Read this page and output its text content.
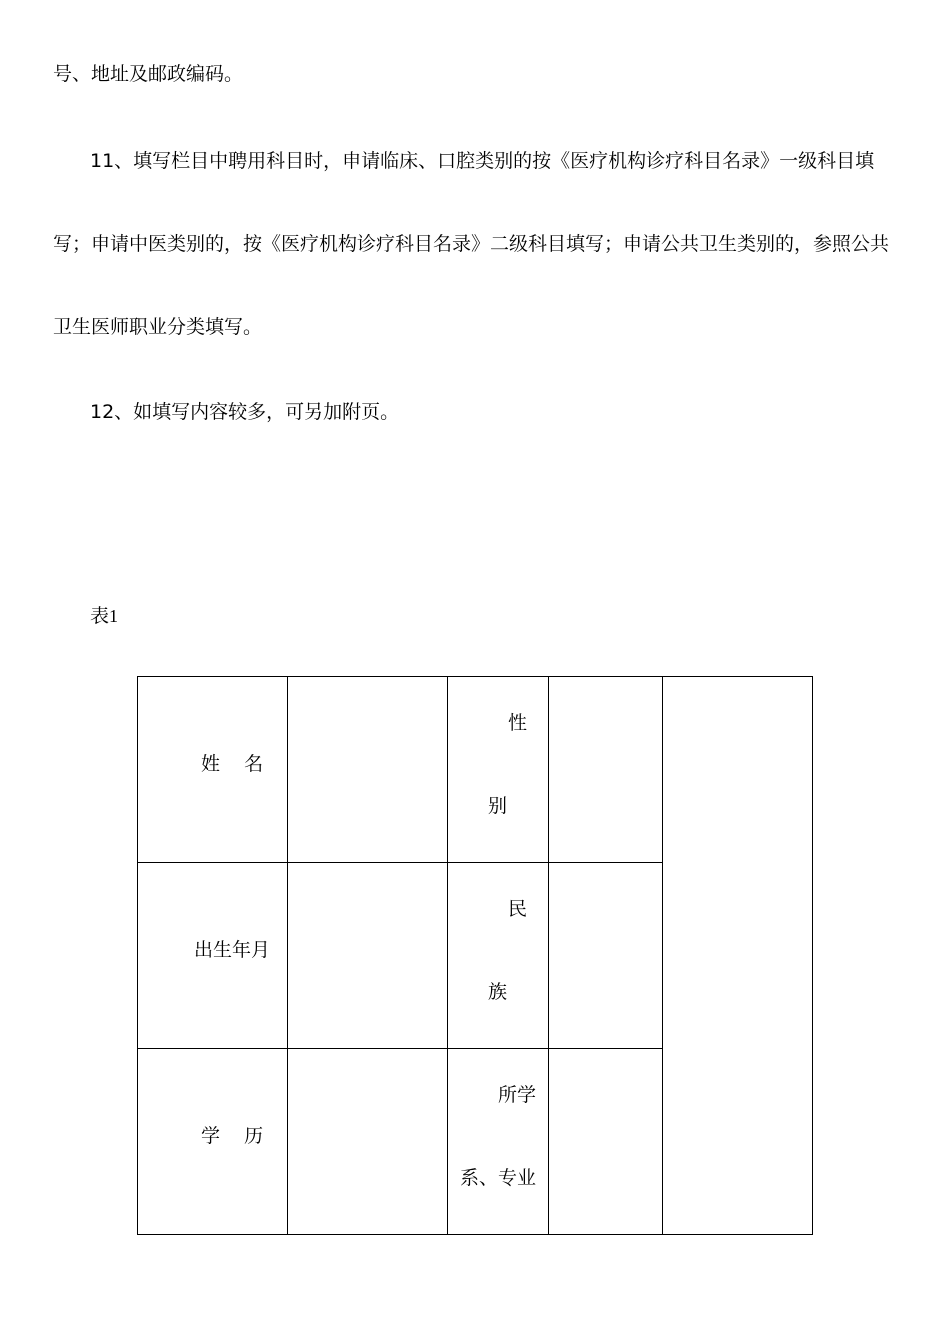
号、地址及邮政编码。
11、填写栏目中聘用科目时，申请临床、口腔类别的按《医疗机构诊疗科目名录》一级科目填
写；申请中医类别的，按《医疗机构诊疗科目名录》二级科目填写；申请公共卫生类别的，参照公共
卫生医师职业分类填写。
12、如填写内容较多，可另加附页。
表1
姓    名		性
别		

出生年月		民
族		

学    历		所学
系、专业		
